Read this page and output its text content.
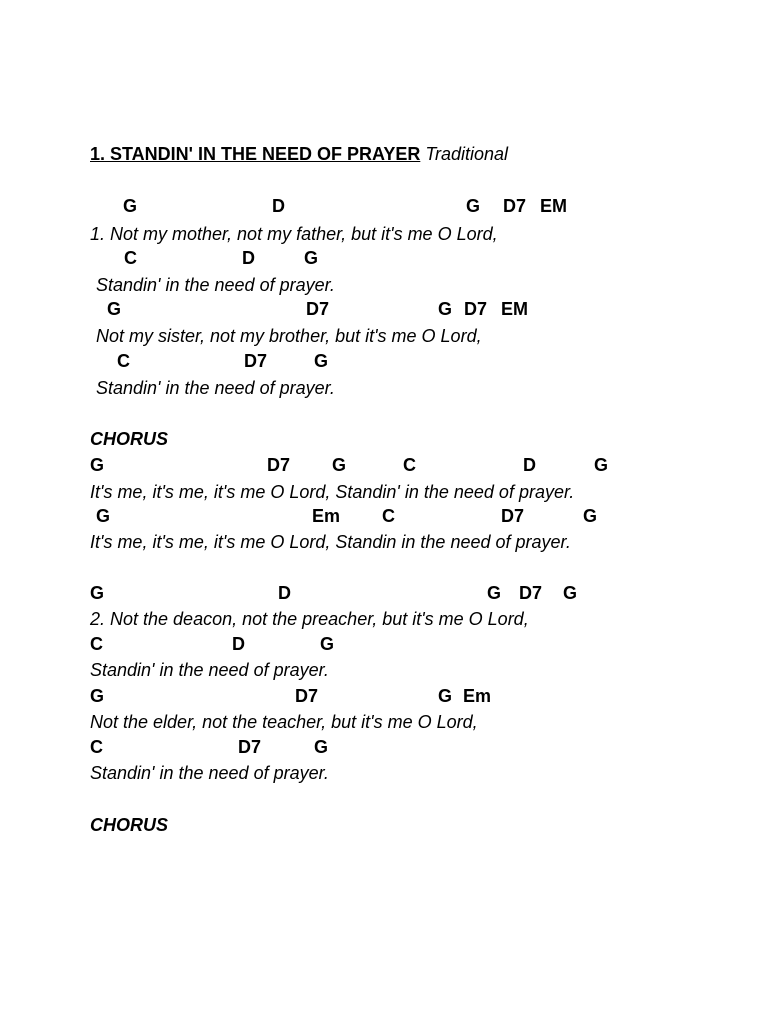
1. STANDIN' IN THE NEED OF PRAYER Traditional
G	D	G D7 EM
1. Not my mother, not my father, but it's me O Lord,
C	D	G
Standin' in the need of prayer.
G	D7	G D7 EM
Not my sister, not my brother, but it's me O Lord,
C	D7	G
Standin' in the need of prayer.
CHORUS
G	D7 G	C	D	G
It's me, it's me, it's me O Lord, Standin' in the need of prayer.
G	Em C	D7	G
It's me, it's me, it's me O Lord, Standin in the need of prayer.
G	D	G D7 G
2. Not the deacon, not the preacher, but it's me O Lord,
C	D	G
Standin' in the need of prayer.
G	D7	G Em
Not the elder, not the teacher, but it's me O Lord,
C	D7	G
Standin' in the need of prayer.
CHORUS
